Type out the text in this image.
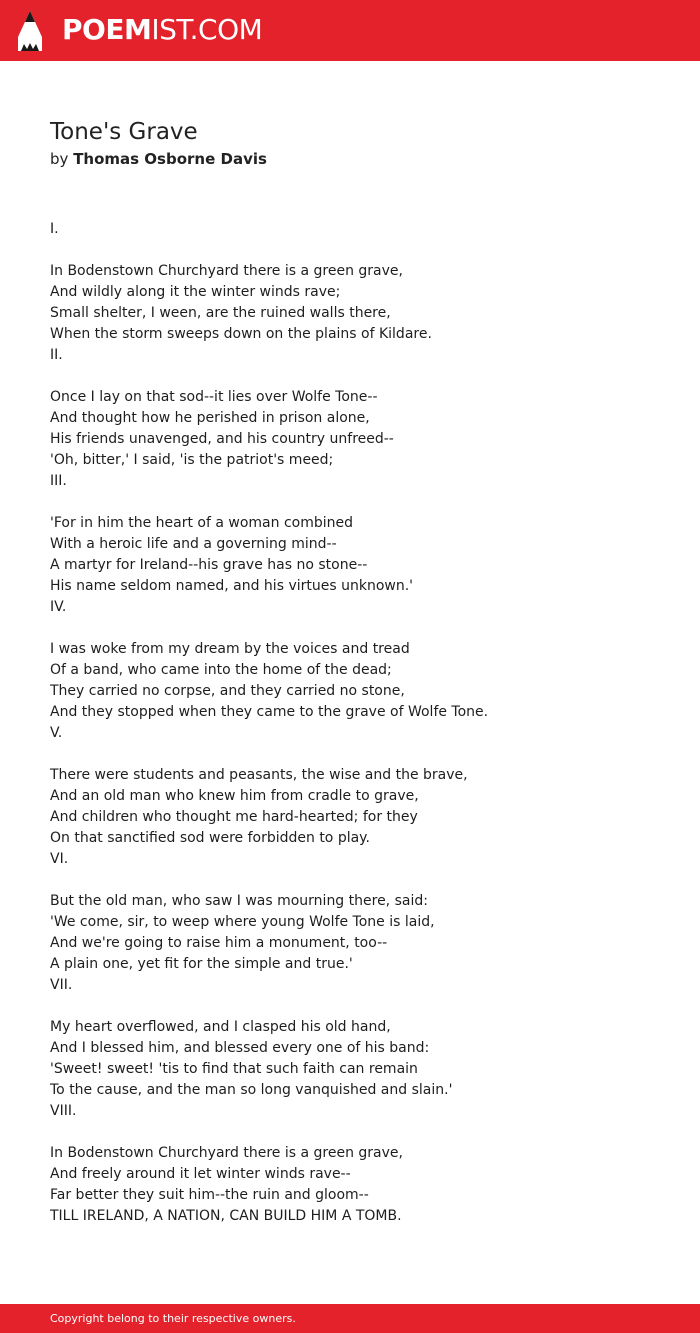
POEMIST.COM
Tone's Grave
by Thomas Osborne Davis
I.
In Bodenstown Churchyard there is a green grave,
And wildly along it the winter winds rave;
Small shelter, I ween, are the ruined walls there,
When the storm sweeps down on the plains of Kildare.
II.
Once I lay on that sod--it lies over Wolfe Tone--
And thought how he perished in prison alone,
His friends unavenged, and his country unfreed--
'Oh, bitter,' I said, 'is the patriot's meed;
III.
'For in him the heart of a woman combined
With a heroic life and a governing mind--
A martyr for Ireland--his grave has no stone--
His name seldom named, and his virtues unknown.'
IV.
I was woke from my dream by the voices and tread
Of a band, who came into the home of the dead;
They carried no corpse, and they carried no stone,
And they stopped when they came to the grave of Wolfe Tone.
V.
There were students and peasants, the wise and the brave,
And an old man who knew him from cradle to grave,
And children who thought me hard-hearted; for they
On that sanctified sod were forbidden to play.
VI.
But the old man, who saw I was mourning there, said:
'We come, sir, to weep where young Wolfe Tone is laid,
And we're going to raise him a monument, too--
A plain one, yet fit for the simple and true.'
VII.
My heart overflowed, and I clasped his old hand,
And I blessed him, and blessed every one of his band:
'Sweet! sweet! 'tis to find that such faith can remain
To the cause, and the man so long vanquished and slain.'
VIII.
In Bodenstown Churchyard there is a green grave,
And freely around it let winter winds rave--
Far better they suit him--the ruin and gloom--
TILL IRELAND, A NATION, CAN BUILD HIM A TOMB.
Copyright belong to their respective owners.
